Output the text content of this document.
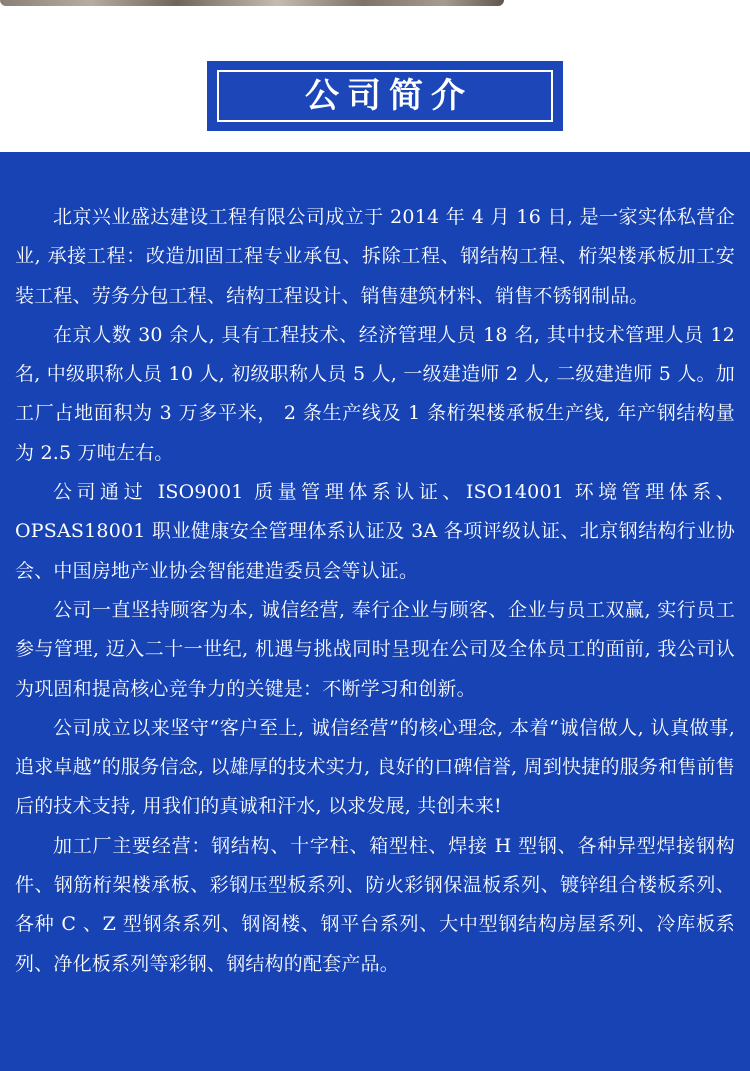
公司简介

北京兴业盛达建设工程有限公司成立于 2014 年 4 月 16 日, 是一家实体私营企业, 承接工程：改造加固工程专业承包、拆除工程、钢结构工程、桁架楼承板加工安装工程、劳务分包工程、结构工程设计、销售建筑材料、销售不锈钢制品。

在京人数 30 余人, 具有工程技术、经济管理人员 18 名, 其中技术管理人员 12 名, 中级职称人员 10 人, 初级职称人员 5 人, 一级建造师 2 人, 二级建造师 5 人。加工厂占地面积为 3 万多平米， 2 条生产线及 1 条桁架楼承板生产线, 年产钢结构量为 2.5 万吨左右。

公司通过 ISO9001 质量管理体系认证、ISO14001 环境管理体系、OPSAS18001 职业健康安全管理体系认证及 3A 各项评级认证、北京钢结构行业协会、中国房地产业协会智能建造委员会等认证。

公司一直坚持顾客为本, 诚信经营, 奉行企业与顾客、企业与员工双赢, 实行员工参与管理, 迈入二十一世纪, 机遇与挑战同时呈现在公司及全体员工的面前, 我公司认为巩固和提高核心竞争力的关键是：不断学习和创新。

公司成立以来坚守“客户至上, 诚信经营”的核心理念, 本着“诚信做人, 认真做事, 追求卓越”的服务信念, 以雄厚的技术实力, 良好的口碑信誉, 周到快捷的服务和售前售后的技术支持, 用我们的真诚和汗水, 以求发展, 共创未来!

加工厂主要经营：钢结构、十字柱、箱型柱、焊接 H 型钢、各种异型焊接钢构件、钢筋桁架楼承板、彩钢压型板系列、防火彩钢保温板系列、镀锌组合楼板系列、各种 C 、Z 型钢条系列、钢阁楼、钢平台系列、大中型钢结构房屋系列、冷库板系列、净化板系列等彩钢、钢结构的配套产品。
